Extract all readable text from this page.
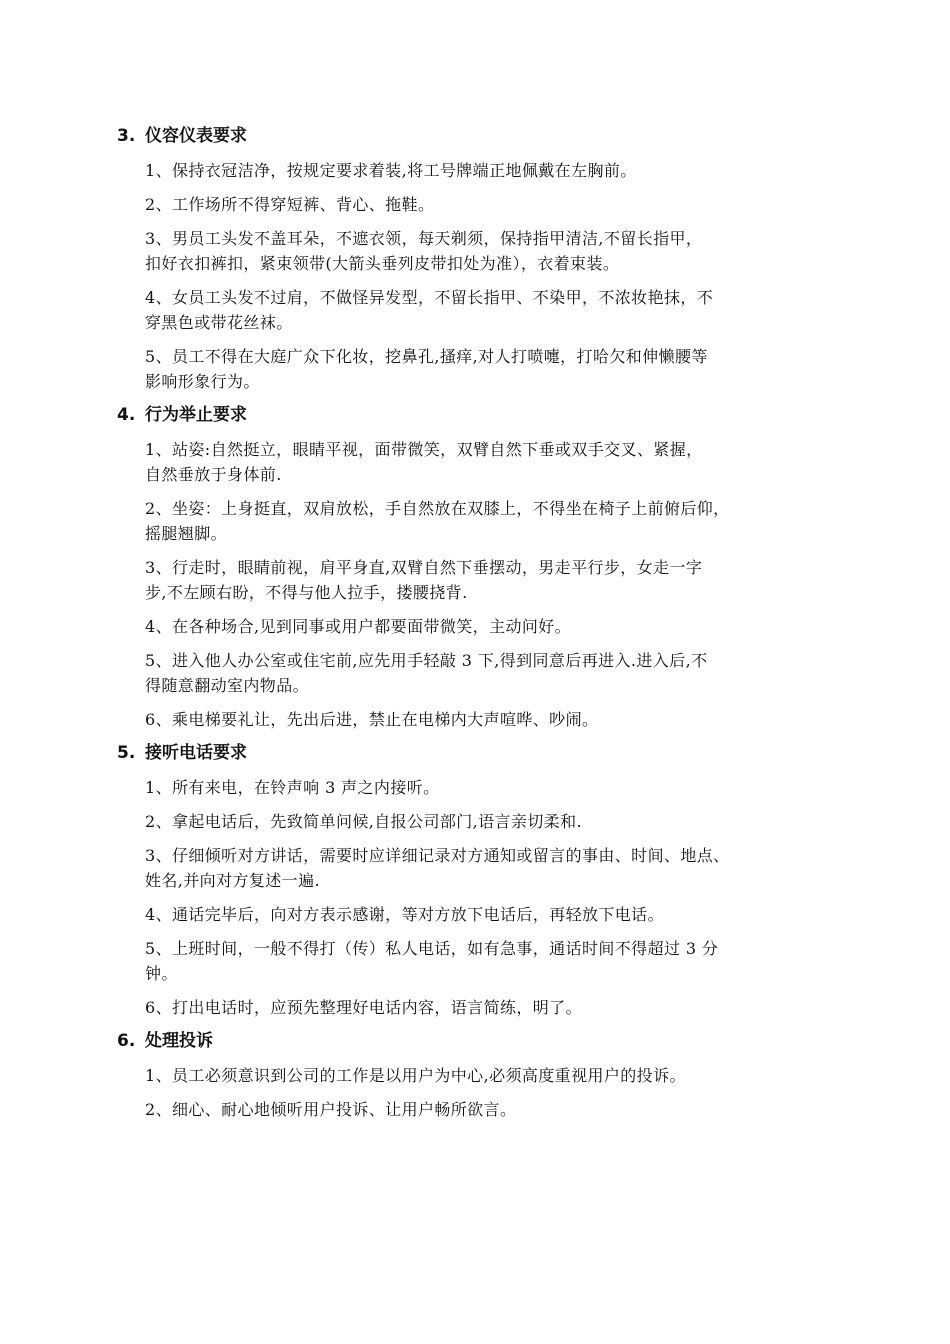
3. 仪容仪表要求
1、保持衣冠洁净，按规定要求着装,将工号牌端正地佩戴在左胸前。
2、工作场所不得穿短裤、背心、拖鞋。
3、男员工头发不盖耳朵，不遮衣领，每天剃须，保持指甲清洁,不留长指甲，
扣好衣扣裤扣，紧束领带(大箭头垂列皮带扣处为准），衣着束装。
4、女员工头发不过肩，不做怪异发型，不留长指甲、不染甲，不浓妆艳抹，不
穿黑色或带花丝袜。
5、员工不得在大庭广众下化妆，挖鼻孔,搔痒,对人打喷嚏，打哈欠和伸懒腰等
影响形象行为。
4. 行为举止要求
1、站姿:自然挺立，眼睛平视，面带微笑，双臂自然下垂或双手交叉、紧握，
自然垂放于身体前.
2、坐姿：上身挺直，双肩放松，手自然放在双膝上，不得坐在椅子上前俯后仰，
摇腿翘脚。
3、行走时，眼睛前视，肩平身直,双臂自然下垂摆动，男走平行步，女走一字
步,不左顾右盼，不得与他人拉手，搂腰挠背.
4、在各种场合,见到同事或用户都要面带微笑，主动问好。
5、进入他人办公室或住宅前,应先用手轻敲 3 下,得到同意后再进入.进入后,不
得随意翻动室内物品。
6、乘电梯要礼让，先出后进，禁止在电梯内大声喧哗、吵闹。
5. 接听电话要求
1、所有来电，在铃声响 3 声之内接听。
2、拿起电话后，先致简单问候,自报公司部门,语言亲切柔和.
3、仔细倾听对方讲话，需要时应详细记录对方通知或留言的事由、时间、地点、
姓名,并向对方复述一遍.
4、通话完毕后，向对方表示感谢，等对方放下电话后，再轻放下电话。
5、上班时间，一般不得打（传）私人电话，如有急事，通话时间不得超过 3 分
钟。
6、打出电话时，应预先整理好电话内容，语言简练，明了。
6. 处理投诉
1、员工必须意识到公司的工作是以用户为中心,必须高度重视用户的投诉。
2、细心、耐心地倾听用户投诉、让用户畅所欲言。
